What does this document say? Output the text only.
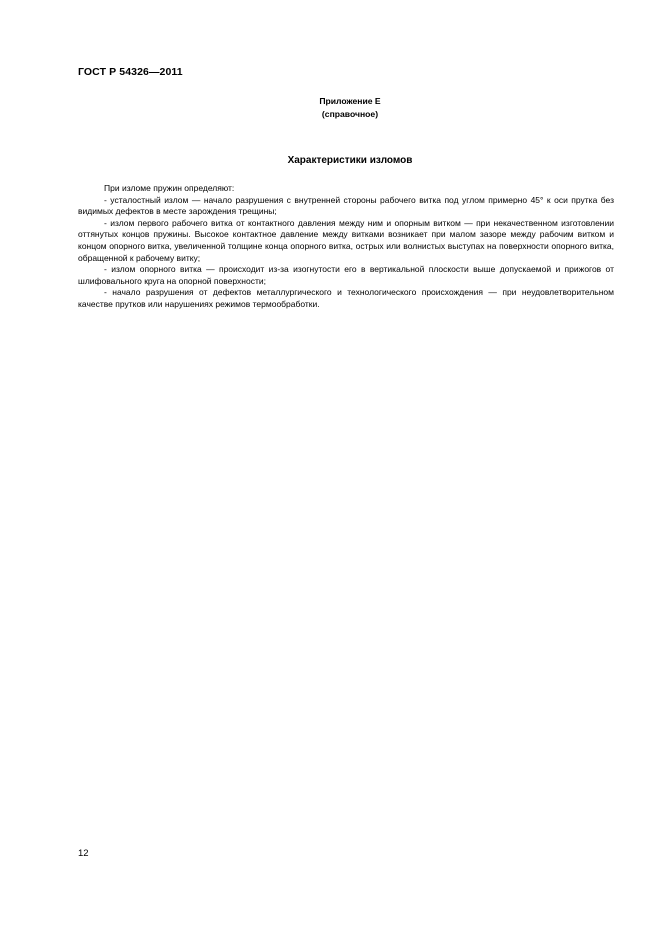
ГОСТ Р 54326—2011
Приложение Е
(справочное)
Характеристики изломов

При изломе пружин определяют:

- усталостный излом — начало разрушения с внутренней стороны рабочего витка под углом примерно 45° к оси прутка без видимых дефектов в месте зарождения трещины;

- излом первого рабочего витка от контактного давления между ним и опорным витком — при некачественном изготовлении оттянутых концов пружины. Высокое контактное давление между витками возникает при малом зазоре между рабочим витком и концом опорного витка, увеличенной толщине конца опорного витка, острых или волнистых выступах на поверхности опорного витка, обращенной к рабочему витку;

- излом опорного витка — происходит из-за изогнутости его в вертикальной плоскости выше допускаемой и прижогов от шлифовального круга на опорной поверхности;

- начало разрушения от дефектов металлургического и технологического происхождения — при неудовлетворительном качестве прутков или нарушениях режимов термообработки.

12
